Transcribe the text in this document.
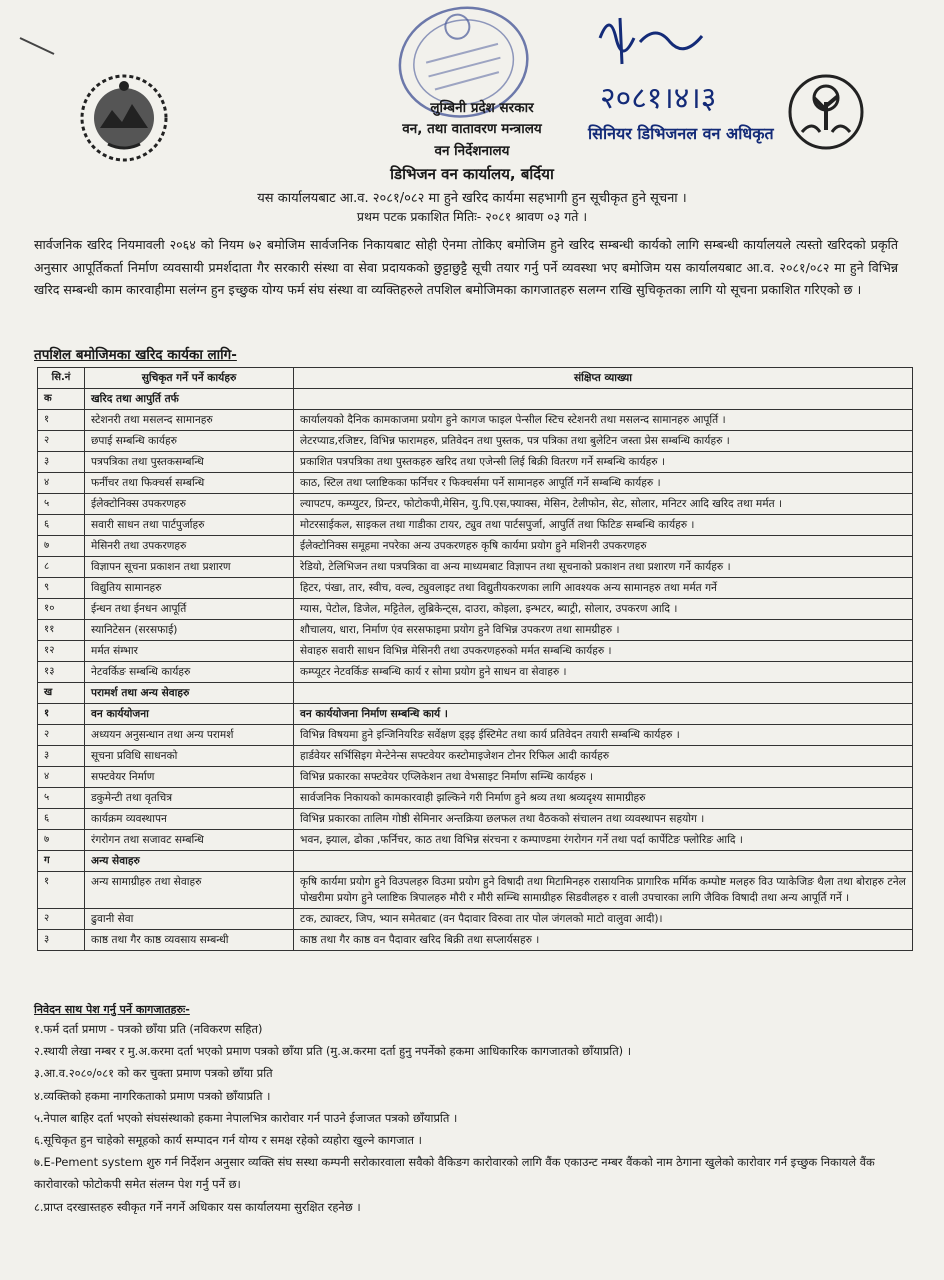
२०८१।४।३
सिनियर डिभिजनल वन अधिकृत
लुम्बिनी प्रदेश सरकार
वन, तथा वातावरण मन्त्रालय
वन निर्देशनालय
डिभिजन वन कार्यालय, बर्दिया
यस कार्यालयबाट आ.व. २०८१/०८२ मा हुने खरिद कार्यमा सहभागी हुन सूचीकृत हुने सूचना ।
प्रथम पटक प्रकाशित मितिः- २०८१ श्रावण ०३ गते ।
सार्वजनिक खरिद नियमावली २०६४ को नियम ७२ बमोजिम सार्वजनिक निकायबाट सोही ऐनमा तोकिए बमोजिम हुने खरिद सम्बन्धी कार्यको लागि सम्बन्धी कार्यालयले त्यस्तो खरिदको प्रकृति अनुसार आपूर्तिकर्ता निर्माण व्यवसायी प्रमर्शदाता गैर सरकारी संस्था वा सेवा प्रदायकको छुट्टाछुट्टै सूची तयार गर्नु पर्ने व्यवस्था भए बमोजिम यस कार्यालयबाट आ.व. २०८१/०८२ मा हुने विभिन्न खरिद सम्बन्धी काम कारवाहीमा सलंग्न हुन इच्छुक योग्य फर्म संघ संस्था वा व्यक्तिहरुले तपशिल बमोजिमका कागजातहरु सलग्न राखि सुचिकृतका लागि यो सूचना प्रकाशित गरिएको छ ।
तपशिल बमोजिमका खरिद कार्यका लागि-
सि.नं	सुचिकृत गर्ने पर्ने कार्यहरु	संक्षिप्त व्याख्या
क	खरिद तथा आपुर्ति तर्फ	
१	स्टेशनरी तथा मसलन्द सामानहरु	कार्यालयको दैनिक कामकाजमा प्रयोग हुने कागज फाइल पेन्सील स्टिच स्टेशनरी तथा मसलन्द सामानहरु आपूर्ति ।
२	छपाई सम्बन्धि कार्यहरु	लेटरप्याड,रजिष्टर, विभिन्न फारामहरु, प्रतिवेदन तथा पुस्तक, पत्र पत्रिका तथा बुलेटिन जस्ता प्रेस सम्बन्धि कार्यहरु ।
३	पत्रपत्रिका तथा पुस्तकसम्बन्धि	प्रकाशित पत्रपत्रिका तथा पुस्तकहरु खरिद तथा एजेन्सी लिई बिक्री वितरण गर्ने सम्बन्धि कार्यहरु ।
४	फर्नीचर तथा फिक्चर्स सम्बन्धि	काठ, स्टिल तथा प्लाष्टिकका फर्निचर र फिक्चर्समा पर्ने सामानहरु आपूर्ति गर्ने सम्बन्धि कार्यहरु ।
५	ईलेक्टोनिक्स उपकरणहरु	ल्यापटप, कम्प्युटर, प्रिन्टर, फोटोकपी,मेसिन, यु.पि.एस,फ्याक्स, मेसिन, टेलीफोन, सेट, सोलार, मनिटर आदि खरिद तथा मर्मत ।
६	सवारी साधन तथा पार्टपुर्जाहरु	मोटरसाईकल, साइकल तथा गाडीका टायर, ट्युव तथा पार्टसपुर्जा, आपुर्ति तथा फिटिङ सम्बन्धि कार्यहरु ।
७	मेसिनरी तथा उपकरणहरु	ईलेक्टोनिक्स समूहमा नपरेका अन्य उपकरणहरु कृषि कार्यमा प्रयोग हुने मशिनरी उपकरणहरु
८	विज्ञापन सूचना प्रकाशन तथा प्रशारण	रेडियो, टेलिभिजन तथा पत्रपत्रिका वा अन्य माध्यमबाट विज्ञापन तथा सूचनाको प्रकाशन तथा प्रशारण गर्ने कार्यहरु ।
९	विद्युतिय सामानहरु	हिटर, पंखा, तार, स्वीच, वल्व, ट्युवलाइट तथा विद्युतीयकरणका लागि आवश्यक अन्य सामानहरु तथा मर्मत गर्ने
१०	ईन्धन तथा ईनधन आपूर्ति	ग्यास, पेटोल, डिजेल, मट्टितेल, लुब्रिकेन्ट्स, दाउरा, कोइला, इन्भटर, ब्याट्री, सोलार, उपकरण आदि ।
११	स्यानिटेसन (सरसफाई)	शौचालय, धारा, निर्माण एंव सरसफाइमा प्रयोग हुने विभिन्न उपकरण तथा सामग्रीहरु ।
१२	मर्मत संम्भार	सेवाहरु सवारी साधन विभिन्न मेसिनरी तथा उपकरणहरुको मर्मत सम्बन्धि कार्यहरु ।
१३	नेटवर्किङ सम्बन्धि कार्यहरु	कम्प्यूटर नेटवर्किङ सम्बन्धि कार्य र सोमा प्रयोग हुने साधन वा सेवाहरु ।
ख	परामर्श तथा अन्य सेवाहरु	
१	वन कार्ययोजना	वन कार्ययोजना निर्माण सम्बन्धि कार्य ।
२	अध्ययन अनुसन्धान तथा अन्य परामर्श	विभिन्न विषयमा हुने इन्जिनियरिङ सर्वेक्षण ड्इइ ईस्टिमेट तथा कार्य प्रतिवेदन तयारी सम्बन्धि कार्यहरु ।
३	सूचना प्रविधि साधनको	हार्डवेयर सर्भिसिइग मेन्टेनेन्स सफ्टवेयर कस्टोमाइजेशन टोनर रिफिल आदी कार्यहरु
४	सफ्टवेयर निर्माण	विभिन्न प्रकारका सफ्टवेयर एप्लिकेशन तथा वेभसाइट निर्माण सम्न्धि कार्यहरु ।
५	डकुमेन्टी तथा वृतचित्र	सार्वजनिक निकायको कामकारवाही झल्किने गरी निर्माण हुने श्रव्य तथा श्रव्यदृश्य सामाग्रीहरु
६	कार्यक्रम व्यवस्थापन	विभिन्न प्रकारका तालिम गोष्ठी सेमिनार अन्तक्रिया छलफल तथा वैठकको संचालन तथा व्यवस्थापन सहयोग ।
७	रंगरोगन तथा सजावट सम्बन्धि	भवन, झ्याल, ढोका ,फर्निचर, काठ तथा विभिन्न संरचना र कम्पाण्डमा रंगरोगन गर्ने तथा पर्दा कार्पेटिङ फ्लोरिङ आदि ।
ग	अन्य सेवाहरु	
१	अन्य सामाग्रीहरु तथा सेवाहरु	कृषि कार्यमा प्रयोग हुने विउपलहरु विउमा प्रयोग हुने विषादी तथा मिटामिनहरु रासायनिक प्रागारिक मर्मिक कम्पोष्ट मलहरु विउ प्याकेजिङ थैला तथा बोराहरु टनेल पोखरीमा प्रयोग हुने प्लाष्टिक त्रिपालहरु मौरी र मौरी सम्न्धि सामाग्रीहरु सिडवीलहरु र वाली उपचारका लागि जैविक विषादी तथा अन्य आपूर्ति गर्ने ।
२	ढुवानी सेवा	टक, ट्याक्टर, जिप, भ्यान समेतबाट (वन पैदावार विरुवा तार पोल जंगलको माटो वालुवा आदी)।
३	काष्ठ तथा गैर काष्ठ व्यवसाय सम्बन्धी	काष्ठ तथा गैर काष्ठ वन पैदावार खरिद बिक्री तथा सप्लार्यसहरु ।
निवेदन साथ पेश गर्नु पर्ने कागजातहरुः-
१.फर्म दर्ता प्रमाण - पत्रको छाँया प्रति (नविकरण सहित)
२.स्थायी लेखा नम्बर र मु.अ.करमा दर्ता भएको प्रमाण पत्रको छाँया प्रति (मु.अ.करमा दर्ता हुनु नपर्नेको हकमा आधिकारिक कागजातको छाँयाप्रति) ।
३.आ.व.२०८०/०८१ को कर चुक्ता प्रमाण पत्रको छाँया प्रति
४.व्यक्तिको हकमा नागरिकताको प्रमाण पत्रको छाँयाप्रति ।
५.नेपाल बाहिर दर्ता भएको संघसंस्थाको हकमा नेपालभित्र कारोवार गर्न पाउने ईजाजत पत्रको छाँयाप्रति ।
६.सूचिकृत हुन चाहेको समूहको कार्य सम्पादन गर्न योग्य र समक्ष रहेको व्यहोरा खुल्ने कागजात ।
७.E-Pement system शुरु गर्न निर्देशन अनुसार व्यक्ति संघ सस्था कम्पनी सरोकारवाला सवैको वैकिङग कारोवारको लागि वैंक एकाउन्ट नम्बर वैंकको नाम ठेगाना खुलेको कारोवार गर्न इच्छुक निकायले वैंक कारोवारको फोटोकपी समेत संलग्न पेश गर्नु पर्ने छ।
८.प्राप्त दरखास्तहरु स्वीकृत गर्ने नगर्ने अधिकार यस कार्यालयमा सुरक्षित रहनेछ ।
